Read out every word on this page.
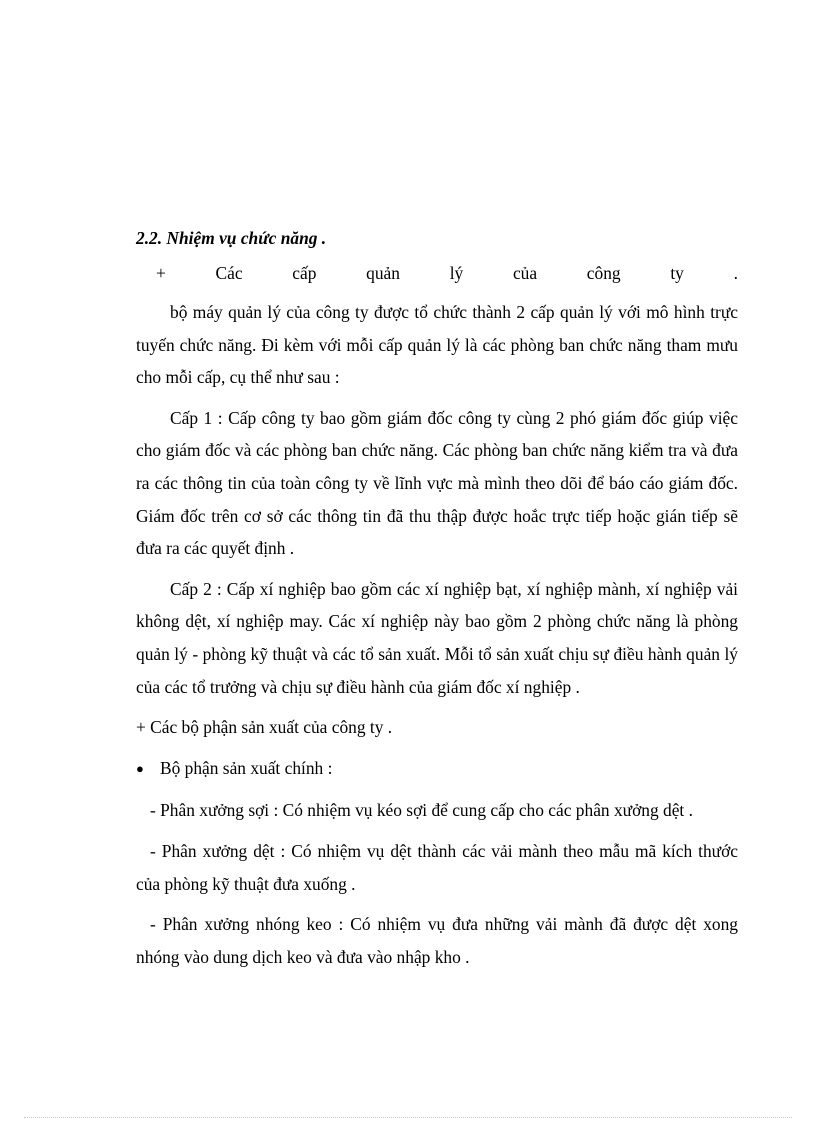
2.2. Nhiệm vụ chức năng .
+	Các	cấp	quản	lý	của	công	ty	.

bộ máy quản lý của công ty được tổ chức thành 2 cấp quản lý với mô hình trực tuyến chức năng. Đi kèm với mỗi cấp quản lý là các phòng ban chức năng tham mưu cho mỗi cấp, cụ thể như sau :

Cấp 1 : Cấp công ty bao gồm giám đốc công ty cùng 2 phó giám đốc giúp việc cho giám đốc và các phòng ban chức năng. Các phòng ban chức năng kiểm tra và đưa ra các thông tin của toàn công ty về lĩnh vực mà mình theo dõi để báo cáo giám đốc. Giám đốc trên cơ sở các thông tin đã thu thập được hoắc trực tiếp hoặc gián tiếp sẽ đưa ra các quyết định .

Cấp 2 : Cấp xí nghiệp bao gồm các xí nghiệp bạt, xí nghiệp mành, xí nghiệp vải không dệt, xí nghiệp may. Các xí nghiệp này bao gồm 2 phòng chức năng là phòng quản lý - phòng kỹ thuật và các tổ sản xuất. Mỗi tổ sản xuất chịu sự điều hành quản lý của các tổ trưởng và chịu sự điều hành của giám đốc xí nghiệp .

+ Các bộ phận sản xuất của công ty .
● Bộ phận sản xuất chính :

- Phân xưởng sợi : Có nhiệm vụ kéo sợi để cung cấp cho các phân xưởng dệt .

- Phân xưởng dệt : Có nhiệm vụ dệt thành các vải mành theo mẫu mã kích thước của phòng kỹ thuật đưa xuống .

- Phân xưởng nhóng keo : Có nhiệm vụ đưa những vải mành đã được dệt xong nhóng vào dung dịch keo và đưa vào nhập kho .
